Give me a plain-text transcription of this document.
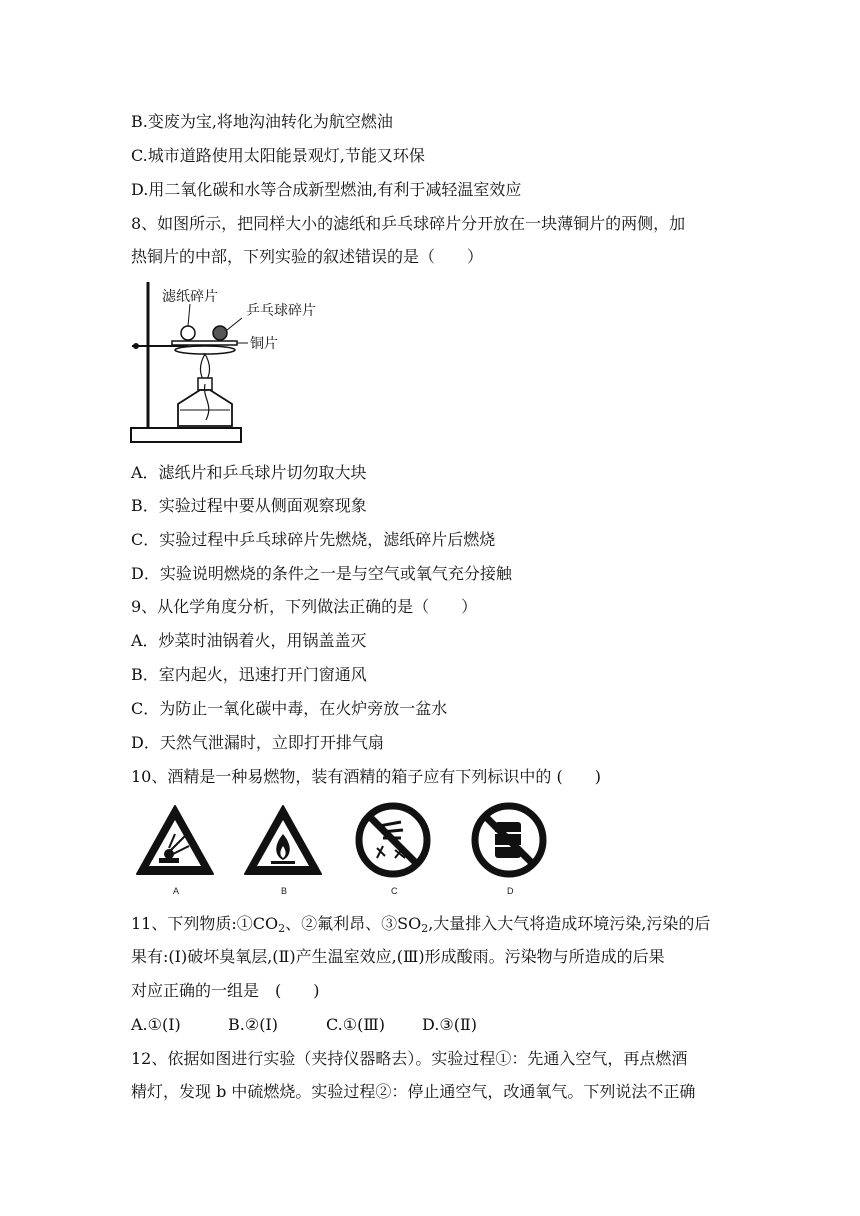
B.变废为宝,将地沟油转化为航空燃油
C.城市道路使用太阳能景观灯,节能又环保
D.用二氧化碳和水等合成新型燃油,有利于减轻温室效应
8、如图所示，把同样大小的滤纸和乒乓球碎片分开放在一块薄铜片的两侧，加
热铜片的中部，下列实验的叙述错误的是（　　）
滤纸碎片
乒乓球碎片
铜片
A．滤纸片和乒乓球片切勿取大块
B．实验过程中要从侧面观察现象
C．实验过程中乒乓球碎片先燃烧，滤纸碎片后燃烧
D．实验说明燃烧的条件之一是与空气或氧气充分接触
9、从化学角度分析，下列做法正确的是（　　）
A．炒菜时油锅着火，用锅盖盖灭
B．室内起火，迅速打开门窗通风
C．为防止一氧化碳中毒，在火炉旁放一盆水
D．天然气泄漏时，立即打开排气扇
10、酒精是一种易燃物，装有酒精的箱子应有下列标识中的 (　　)
A	B	C	D
11、下列物质$:①CO_2$、②氟利昂、$③SO_2$,大量排入大气将造成环境污染,污染的后
果有:(Ⅰ)破坏臭氧层,(Ⅱ)产生温室效应,(Ⅲ)形成酸雨。污染物与所造成的后果
对应正确的一组是　(　　)
A.①(Ⅰ)	B.②(Ⅰ)	C.①(Ⅲ) D.③(Ⅱ)
12、依据如图进行实验（夹持仪器略去）。实验过程①：先通入空气，再点燃酒
精灯，发现 b 中硫燃烧。实验过程②：停止通空气，改通氧气。下列说法不正确
